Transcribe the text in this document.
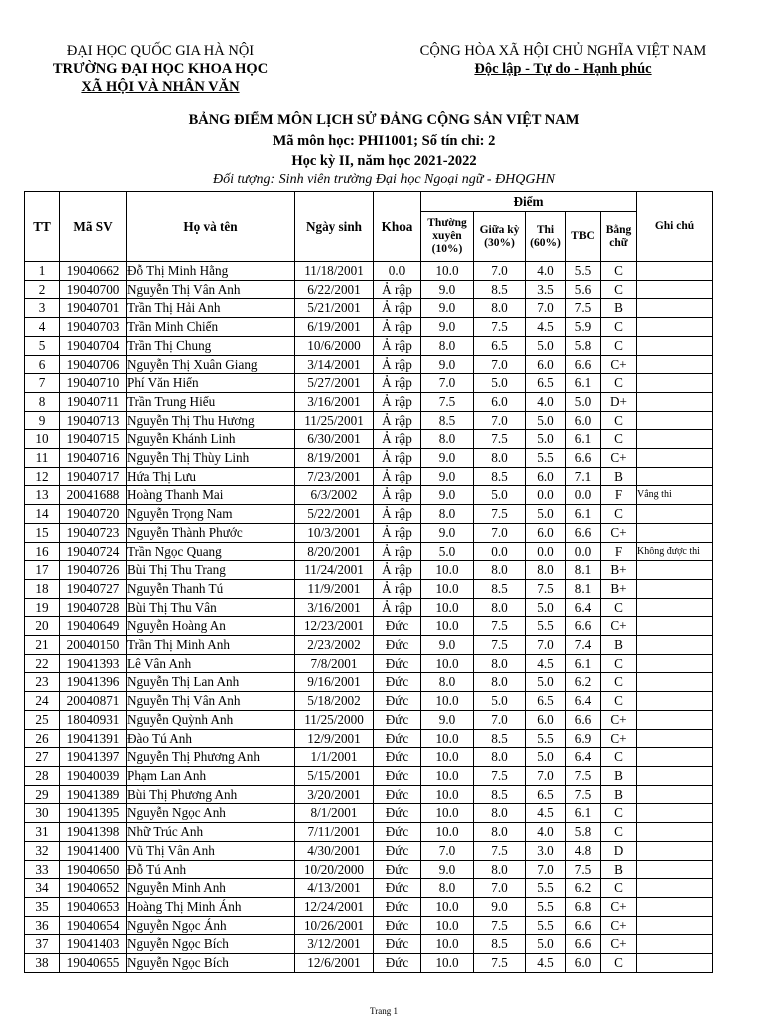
ĐẠI HỌC QUỐC GIA HÀ NỘI
TRƯỜNG ĐẠI HỌC KHOA HỌC
XÃ HỘI VÀ NHÂN VĂN
CỘNG HÒA XÃ HỘI CHỦ NGHĨA VIỆT NAM
Độc lập - Tự do - Hạnh phúc
BẢNG ĐIỂM MÔN LỊCH SỬ ĐẢNG CỘNG SẢN VIỆT NAM
Mã môn học: PHI1001; Số tín chỉ: 2
Học kỳ II, năm học 2021-2022
Đối tượng: Sinh viên trường Đại học Ngoại ngữ - ĐHQGHN
TT	Mã SV	Họ và tên	Ngày sinh	Khoa	Điểm					Ghi chú
					Thường xuyên (10%)	Giữa kỳ (30%)	Thi (60%)	TBC	Bằng chữ	
1	19040662	Đỗ Thị Minh Hằng	11/18/2001	0.0	10.0	7.0	4.0	5.5	C	
2	19040700	Nguyễn Thị Vân Anh	6/22/2001	Ả rập	9.0	8.5	3.5	5.6	C	
3	19040701	Trần Thị Hải Anh	5/21/2001	Ả rập	9.0	8.0	7.0	7.5	B	
4	19040703	Trần Minh Chiến	6/19/2001	Ả rập	9.0	7.5	4.5	5.9	C	
5	19040704	Trần Thị Chung	10/6/2000	Ả rập	8.0	6.5	5.0	5.8	C	
6	19040706	Nguyễn Thị Xuân Giang	3/14/2001	Ả rập	9.0	7.0	6.0	6.6	C+	
7	19040710	Phí Văn Hiển	5/27/2001	Ả rập	7.0	5.0	6.5	6.1	C	
8	19040711	Trần Trung Hiếu	3/16/2001	Ả rập	7.5	6.0	4.0	5.0	D+	
9	19040713	Nguyễn Thị Thu Hương	11/25/2001	Ả rập	8.5	7.0	5.0	6.0	C	
10	19040715	Nguyễn Khánh Linh	6/30/2001	Ả rập	8.0	7.5	5.0	6.1	C	
11	19040716	Nguyễn Thị Thùy Linh	8/19/2001	Ả rập	9.0	8.0	5.5	6.6	C+	
12	19040717	Hứa Thị Lưu	7/23/2001	Ả rập	9.0	8.5	6.0	7.1	B	
13	20041688	Hoàng Thanh Mai	6/3/2002	Ả rập	9.0	5.0	0.0	0.0	F	Vắng thi
14	19040720	Nguyễn Trọng Nam	5/22/2001	Ả rập	8.0	7.5	5.0	6.1	C	
15	19040723	Nguyễn Thành Phước	10/3/2001	Ả rập	9.0	7.0	6.0	6.6	C+	
16	19040724	Trần Ngọc Quang	8/20/2001	Ả rập	5.0	0.0	0.0	0.0	F	Không được thi
17	19040726	Bùi Thị Thu Trang	11/24/2001	Ả rập	10.0	8.0	8.0	8.1	B+	
18	19040727	Nguyễn Thanh Tú	11/9/2001	Ả rập	10.0	8.5	7.5	8.1	B+	
19	19040728	Bùi Thị Thu Vân	3/16/2001	Ả rập	10.0	8.0	5.0	6.4	C	
20	19040649	Nguyễn Hoàng An	12/23/2001	Đức	10.0	7.5	5.5	6.6	C+	
21	20040150	Trần Thị Minh Anh	2/23/2002	Đức	9.0	7.5	7.0	7.4	B	
22	19041393	Lê Vân Anh	7/8/2001	Đức	10.0	8.0	4.5	6.1	C	
23	19041396	Nguyễn Thị Lan Anh	9/16/2001	Đức	8.0	8.0	5.0	6.2	C	
24	20040871	Nguyễn Thị Vân Anh	5/18/2002	Đức	10.0	5.0	6.5	6.4	C	
25	18040931	Nguyễn Quỳnh Anh	11/25/2000	Đức	9.0	7.0	6.0	6.6	C+	
26	19041391	Đào Tú Anh	12/9/2001	Đức	10.0	8.5	5.5	6.9	C+	
27	19041397	Nguyễn Thị Phương Anh	1/1/2001	Đức	10.0	8.0	5.0	6.4	C	
28	19040039	Phạm Lan Anh	5/15/2001	Đức	10.0	7.5	7.0	7.5	B	
29	19041389	Bùi Thị Phương Anh	3/20/2001	Đức	10.0	8.5	6.5	7.5	B	
30	19041395	Nguyễn Ngọc Anh	8/1/2001	Đức	10.0	8.0	4.5	6.1	C	
31	19041398	Nhữ Trúc Anh	7/11/2001	Đức	10.0	8.0	4.0	5.8	C	
32	19041400	Vũ Thị Vân Anh	4/30/2001	Đức	7.0	7.5	3.0	4.8	D	
33	19040650	Đỗ Tú Anh	10/20/2000	Đức	9.0	8.0	7.0	7.5	B	
34	19040652	Nguyễn Minh Anh	4/13/2001	Đức	8.0	7.0	5.5	6.2	C	
35	19040653	Hoàng Thị Minh Ánh	12/24/2001	Đức	10.0	9.0	5.5	6.8	C+	
36	19040654	Nguyễn Ngọc Ánh	10/26/2001	Đức	10.0	7.5	5.5	6.6	C+	
37	19041403	Nguyễn Ngọc Bích	3/12/2001	Đức	10.0	8.5	5.0	6.6	C+	
38	19040655	Nguyễn Ngọc Bích	12/6/2001	Đức	10.0	7.5	4.5	6.0	C	
Trang 1
